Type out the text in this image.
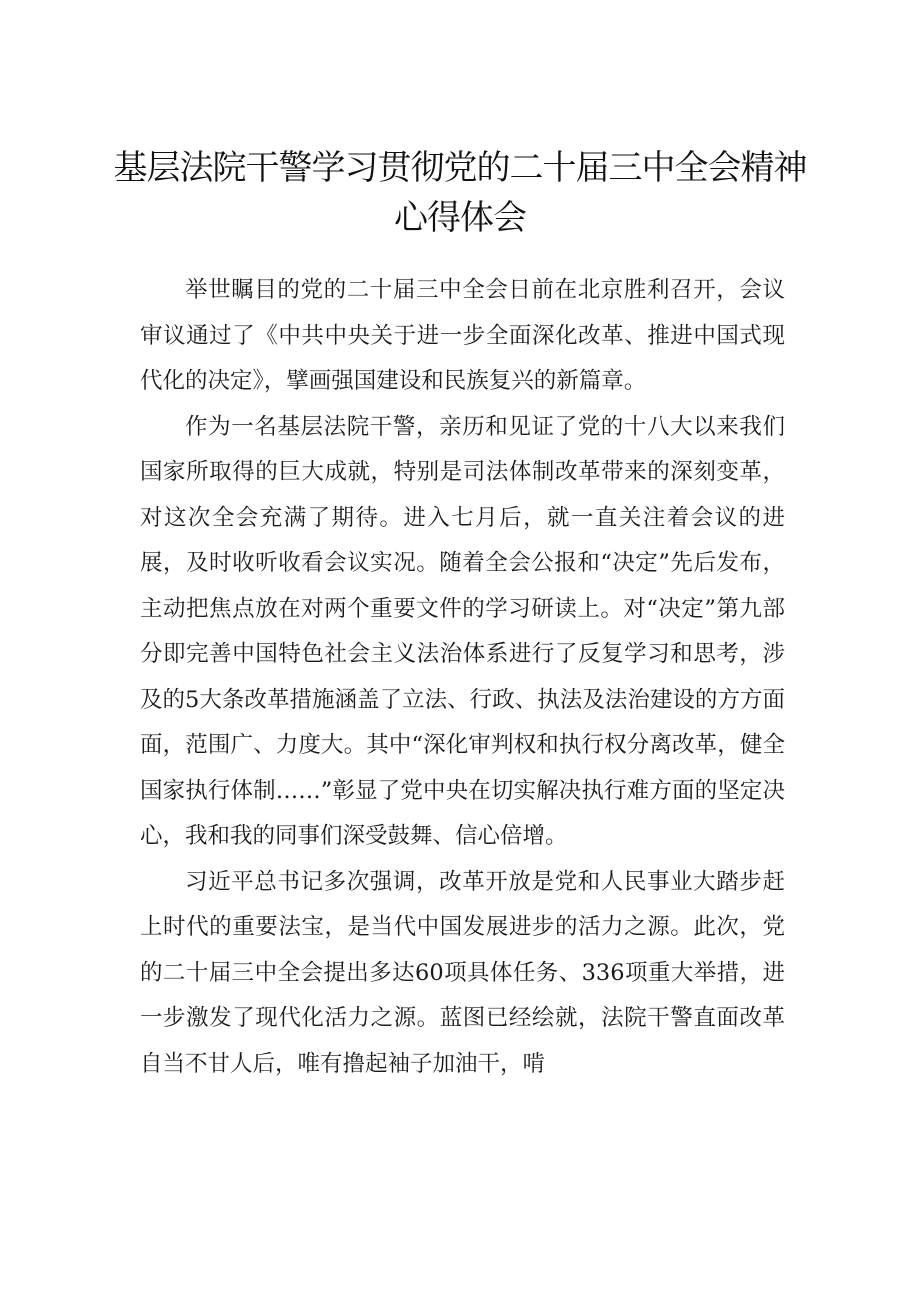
基层法院干警学习贯彻党的二十届三中全会精神心得体会

举世瞩目的党的二十届三中全会日前在北京胜利召开，会议审议通过了《中共中央关于进一步全面深化改革、推进中国式现代化的决定》，擘画强国建设和民族复兴的新篇章。

作为一名基层法院干警，亲历和见证了党的十八大以来我们国家所取得的巨大成就，特别是司法体制改革带来的深刻变革，对这次全会充满了期待。进入七月后，就一直关注着会议的进展，及时收听收看会议实况。随着全会公报和“决定”先后发布，主动把焦点放在对两个重要文件的学习研读上。对“决定”第九部分即完善中国特色社会主义法治体系进行了反复学习和思考，涉及的5大条改革措施涵盖了立法、行政、执法及法治建设的方方面面，范围广、力度大。其中“深化审判权和执行权分离改革，健全国家执行体制……”彰显了党中央在切实解决执行难方面的坚定决心，我和我的同事们深受鼓舞、信心倍增。

习近平总书记多次强调，改革开放是党和人民事业大踏步赶上时代的重要法宝，是当代中国发展进步的活力之源。此次，党的二十届三中全会提出多达60项具体任务、336项重大举措，进一步激发了现代化活力之源。蓝图已经绘就，法院干警直面改革自当不甘人后，唯有撸起袖子加油干，啃
